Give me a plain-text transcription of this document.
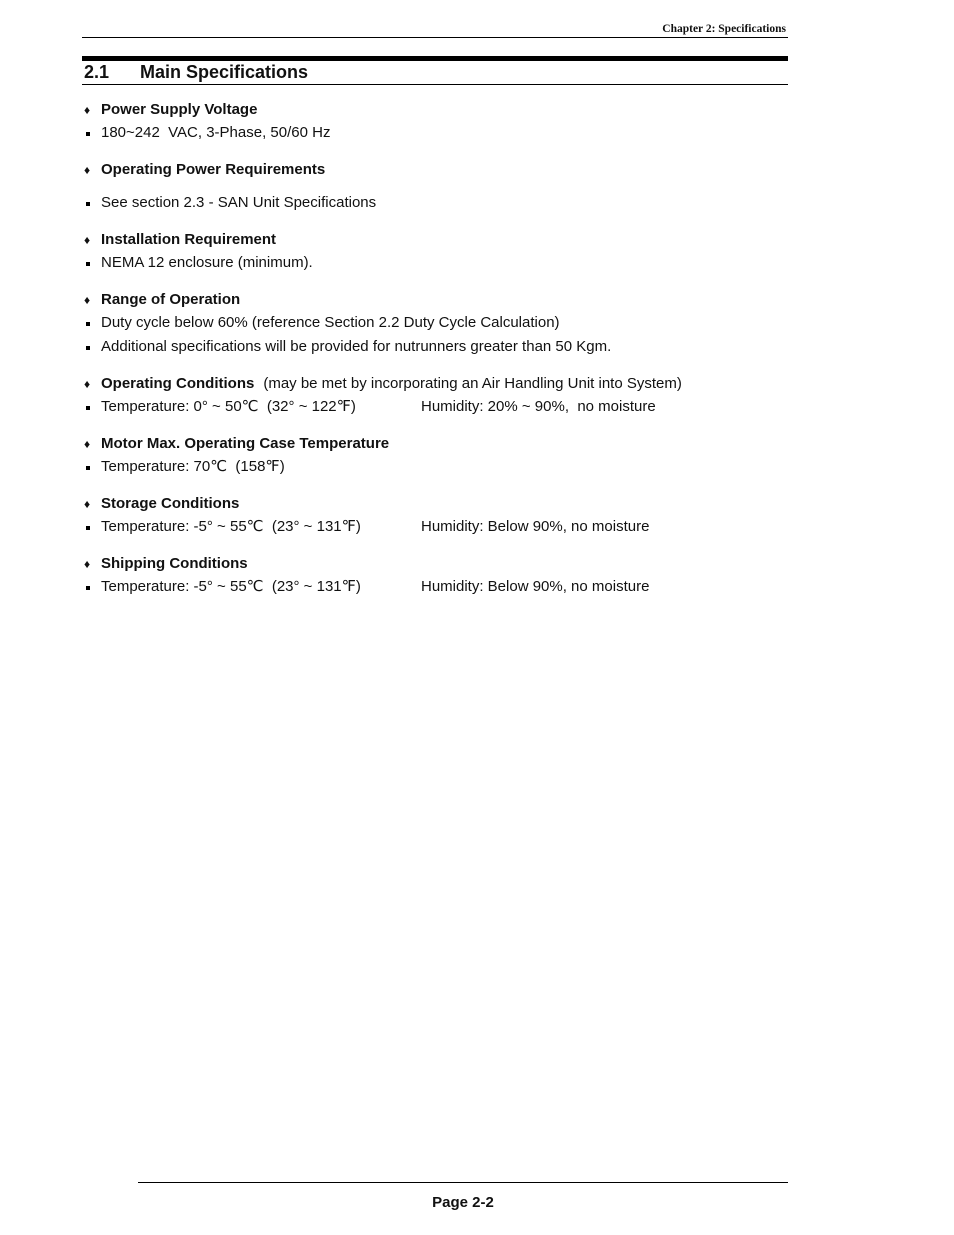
Chapter 2: Specifications
2.1 Main Specifications
♦ Power Supply Voltage
180~242  VAC, 3-Phase, 50/60 Hz
♦ Operating Power Requirements
See section 2.3 - SAN Unit Specifications
♦ Installation Requirement
NEMA 12 enclosure (minimum).
♦ Range of Operation
Duty cycle below 60% (reference Section 2.2 Duty Cycle Calculation)
Additional specifications will be provided for nutrunners greater than 50 Kgm.
♦ Operating Conditions (may be met by incorporating an Air Handling Unit into System)
Temperature: 0° ~ 50℃  (32° ~ 122℉)	Humidity: 20% ~ 90%,  no moisture
♦ Motor Max. Operating Case Temperature
Temperature: 70℃  (158℉)
♦ Storage Conditions
Temperature: -5° ~ 55℃  (23° ~ 131℉)	Humidity: Below 90%, no moisture
♦ Shipping Conditions
Temperature: -5° ~ 55℃  (23° ~ 131℉)	Humidity: Below 90%, no moisture
Page 2-2
